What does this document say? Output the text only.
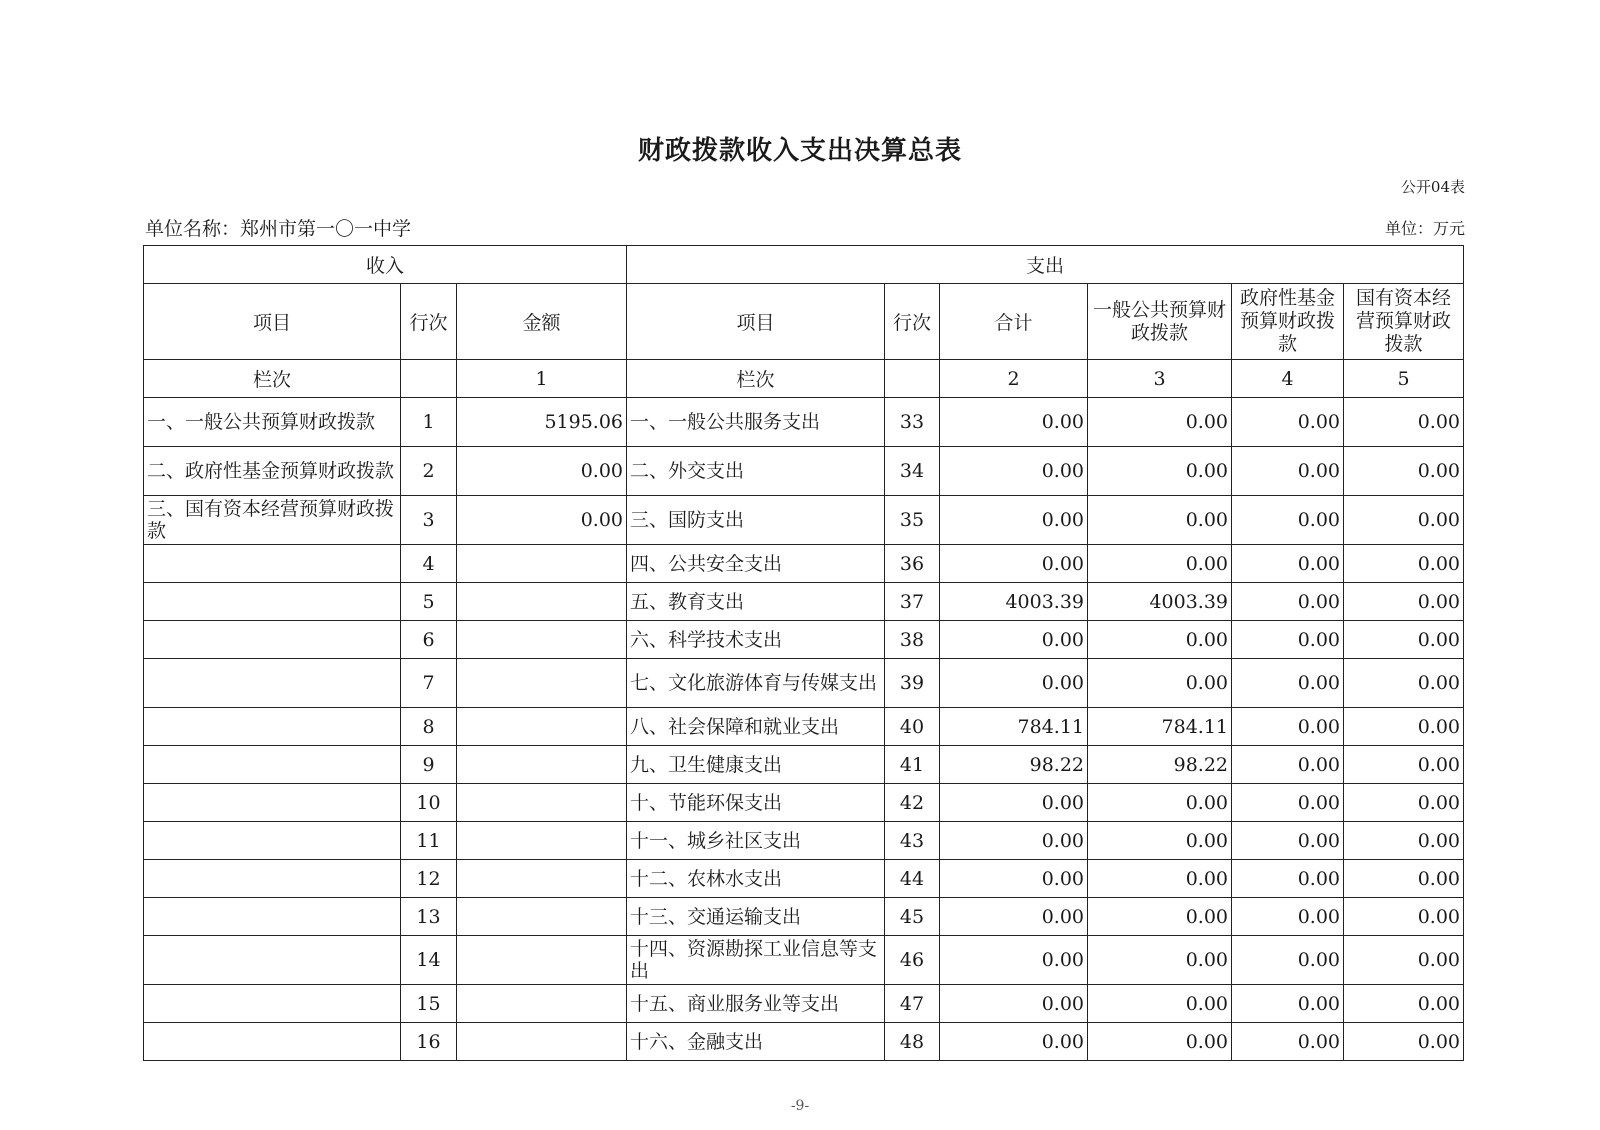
财政拨款收入支出决算总表
公开04表
单位名称：郑州市第一〇一中学	单位：万元
收入			支出					
项目	行次	金额	项目	行次	合计	一般公共预算财政拨款	政府性基金预算财政拨款	国有资本经营预算财政拨款
栏次		1	栏次		2	3	4	5
一、一般公共预算财政拨款	1	5195.06	一、一般公共服务支出	33	0.00	0.00	0.00	0.00
二、政府性基金预算财政拨款	2	0.00	二、外交支出	34	0.00	0.00	0.00	0.00
三、国有资本经营预算财政拨款	3	0.00	三、国防支出	35	0.00	0.00	0.00	0.00
	4		四、公共安全支出	36	0.00	0.00	0.00	0.00
	5		五、教育支出	37	4003.39	4003.39	0.00	0.00
	6		六、科学技术支出	38	0.00	0.00	0.00	0.00
	7		七、文化旅游体育与传媒支出	39	0.00	0.00	0.00	0.00
	8		八、社会保障和就业支出	40	784.11	784.11	0.00	0.00
	9		九、卫生健康支出	41	98.22	98.22	0.00	0.00
	10		十、节能环保支出	42	0.00	0.00	0.00	0.00
	11		十一、城乡社区支出	43	0.00	0.00	0.00	0.00
	12		十二、农林水支出	44	0.00	0.00	0.00	0.00
	13		十三、交通运输支出	45	0.00	0.00	0.00	0.00
	14		十四、资源勘探工业信息等支出	46	0.00	0.00	0.00	0.00
	15		十五、商业服务业等支出	47	0.00	0.00	0.00	0.00
	16		十六、金融支出	48	0.00	0.00	0.00	0.00
-9-
